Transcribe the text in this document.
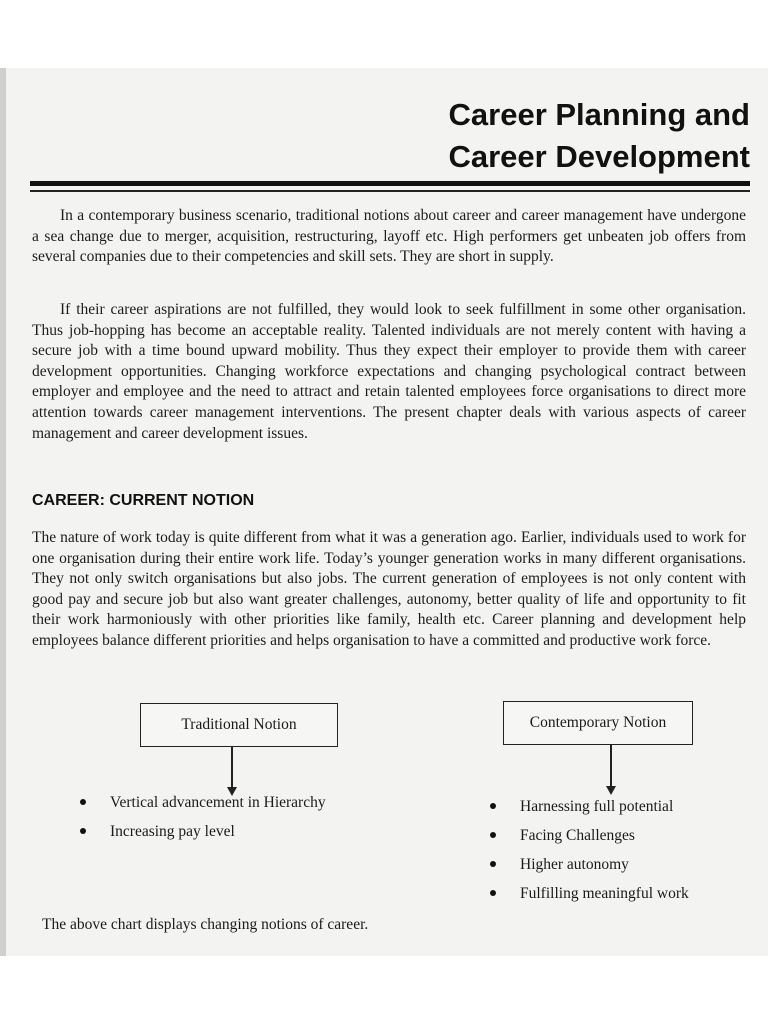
Career Planning and
Career Development

In a contemporary business scenario, traditional notions about career and career management have undergone a sea change due to merger, acquisition, restructuring, layoff etc. High performers get unbeaten job offers from several companies due to their competencies and skill sets. They are short in supply.

If their career aspirations are not fulfilled, they would look to seek fulfillment in some other organisation. Thus job-hopping has become an acceptable reality. Talented individuals are not merely content with having a secure job with a time bound upward mobility. Thus they expect their employer to provide them with career development opportunities. Changing workforce expectations and changing psychological contract between employer and employee and the need to attract and retain talented employees force organisations to direct more attention towards career management interventions. The present chapter deals with various aspects of career management and career development issues.

CAREER: CURRENT NOTION

The nature of work today is quite different from what it was a generation ago. Earlier, individuals used to work for one organisation during their entire work life. Today’s younger generation works in many different organisations. They not only switch organisations but also jobs. The current generation of employees is not only content with good pay and secure job but also want greater challenges, autonomy, better quality of life and opportunity to fit their work harmoniously with other priorities like family, health etc. Career planning and development help employees balance different priorities and helps organisation to have a committed and productive work force.

Traditional Notion	Contemporary Notion
Vertical advancement in Hierarchy
Increasing pay level
Harnessing full potential
Facing Challenges
Higher autonomy
Fulfilling meaningful work

The above chart displays changing notions of career.
